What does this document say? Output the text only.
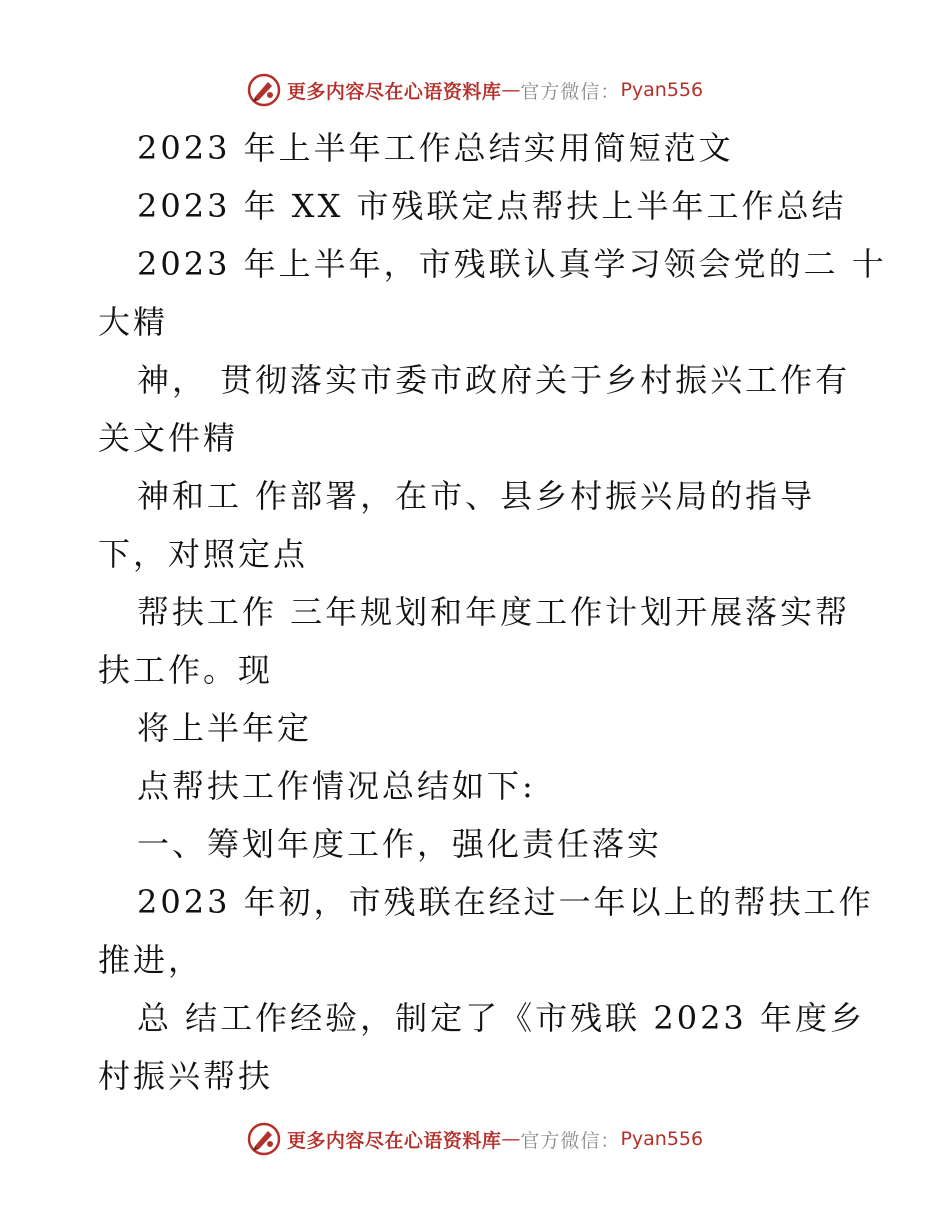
更多内容尽在心语资料库 — 官方微信： Pyan556
2023 年上半年工作总结实用简短范文
2023 年 XX 市残联定点帮扶上半年工作总结
2023 年上半年，市残联认真学习领会党的二 十
大精
神， 贯彻落实市委市政府关于乡村振兴工作有
关文件精
神和工 作部署，在市、县乡村振兴局的指导
下，对照定点
帮扶工作 三年规划和年度工作计划开展落实帮
扶工作。现
将上半年定
点帮扶工作情况总结如下:
一、筹划年度工作，强化责任落实
2023 年初，市残联在经过一年以上的帮扶工作
推进，
总 结工作经验，制定了《市残联 2023 年度乡
村振兴帮扶
更多内容尽在心语资料库 — 官方微信： Pyan556
